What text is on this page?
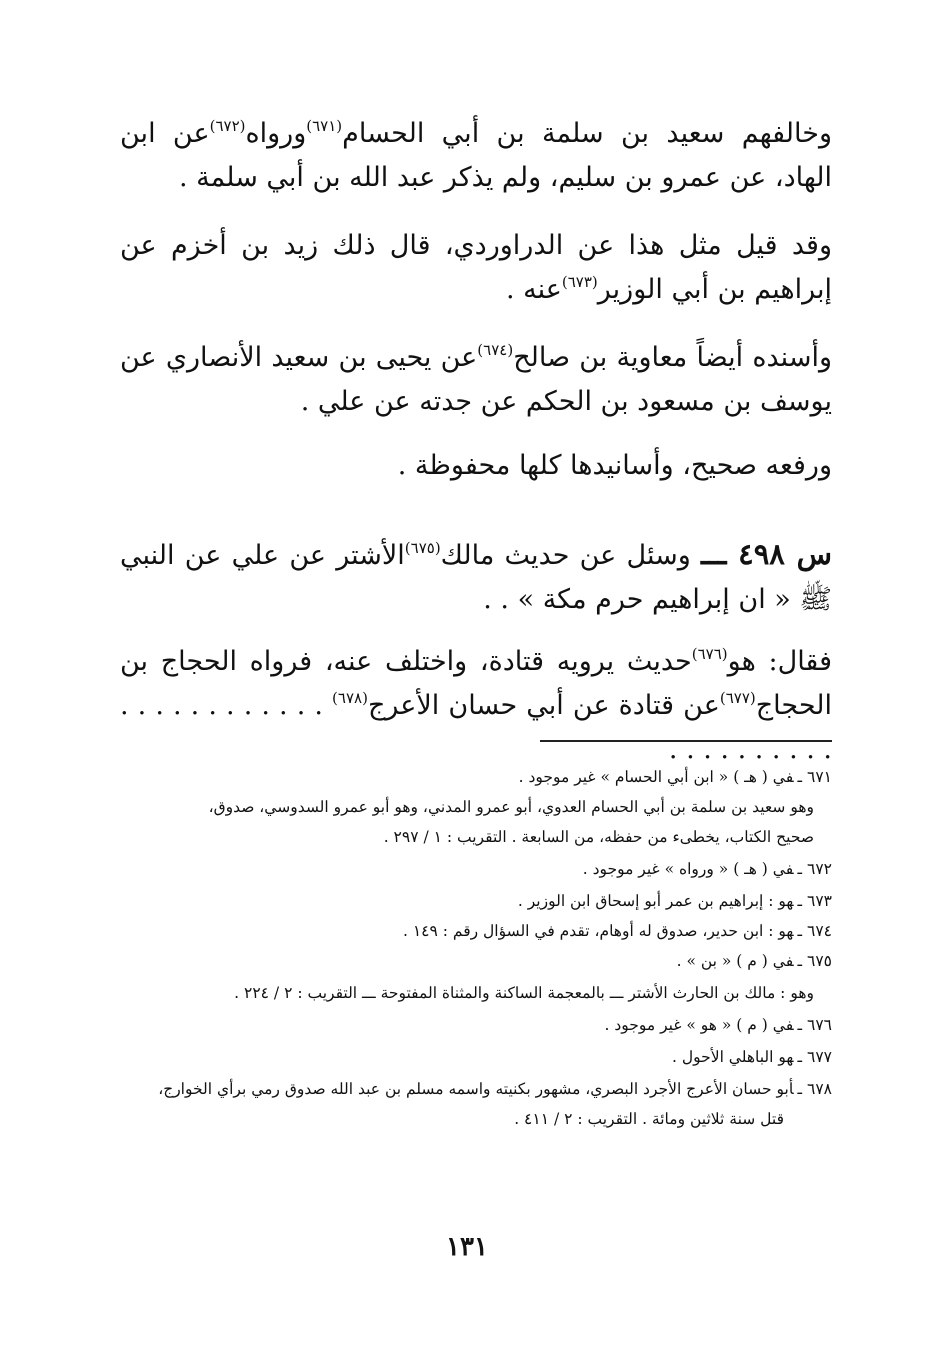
وخالفهم سعيد بن سلمة بن أبي الحسام$^{(٦٧١)}$ورواه$^{(٦٧٢)}$عن ابن الهاد، عن عمرو بن سليم، ولم يذكر عبد الله بن أبي سلمة .

وقد قيل مثل هذا عن الدراوردي، قال ذلك زيد بن أخزم عن إبراهيم بن أبي الوزير$^{(٦٧٣)}$عنه .

وأسنده أيضاً معاوية بن صالح$^{(٦٧٤)}$عن يحيى بن سعيد الأنصاري عن يوسف بن مسعود بن الحكم عن جدته عن علي .

ورفعه صحيح، وأسانيدها كلها محفوظة .

س ٤٩٨ ـــ وسئل عن حديث مالك$^{(٦٧٥)}$الأشتر عن علي عن النبي ﷺ « ان إبراهيم حرم مكة » . .

فقال: هو$^{(٦٧٦)}$حديث يرويه قتادة، واختلف عنه، فرواه الحجاج بن الحجاج$^{(٦٧٧)}$عن قتادة عن أبي حسان الأعرج$^{(٦٧٨)}$ . . . . . . . . . . . . . . . . . . . . . .

٦٧١ ـفي ( هـ ) « ابن أبي الحسام » غير موجود .
وهو سعيد بن سلمة بن أبي الحسام العدوي، أبو عمرو المدني، وهو أبو عمرو السدوسي، صدوق،
صحيح الكتاب، يخطىء من حفظه، من السابعة . التقريب : ١ / ٢٩٧ .
٦٧٢ ـفي ( هـ ) « ورواه » غير موجود .
٦٧٣ ـهو : إبراهيم بن عمر أبو إسحاق ابن الوزير .
٦٧٤ ـهو : ابن حدير، صدوق له أوهام، تقدم في السؤال رقم : ١٤٩ .
٦٧٥ ـفي ( م ) « بن » .
وهو : مالك بن الحارث الأشتر ـــ بالمعجمة الساكنة والمثناة المفتوحة ـــ التقريب : ٢ / ٢٢٤ .
٦٧٦ ـفي ( م ) « هو » غير موجود .
٦٧٧ ـهو الباهلي الأحول .
٦٧٨ ـأبو حسان الأعرج الأجرد البصري، مشهور بكنيته واسمه مسلم بن عبد الله صدوق رمي برأي الخوارج،
قتل سنة ثلاثين ومائة . التقريب : ٢ / ٤١١ .
١٣١
